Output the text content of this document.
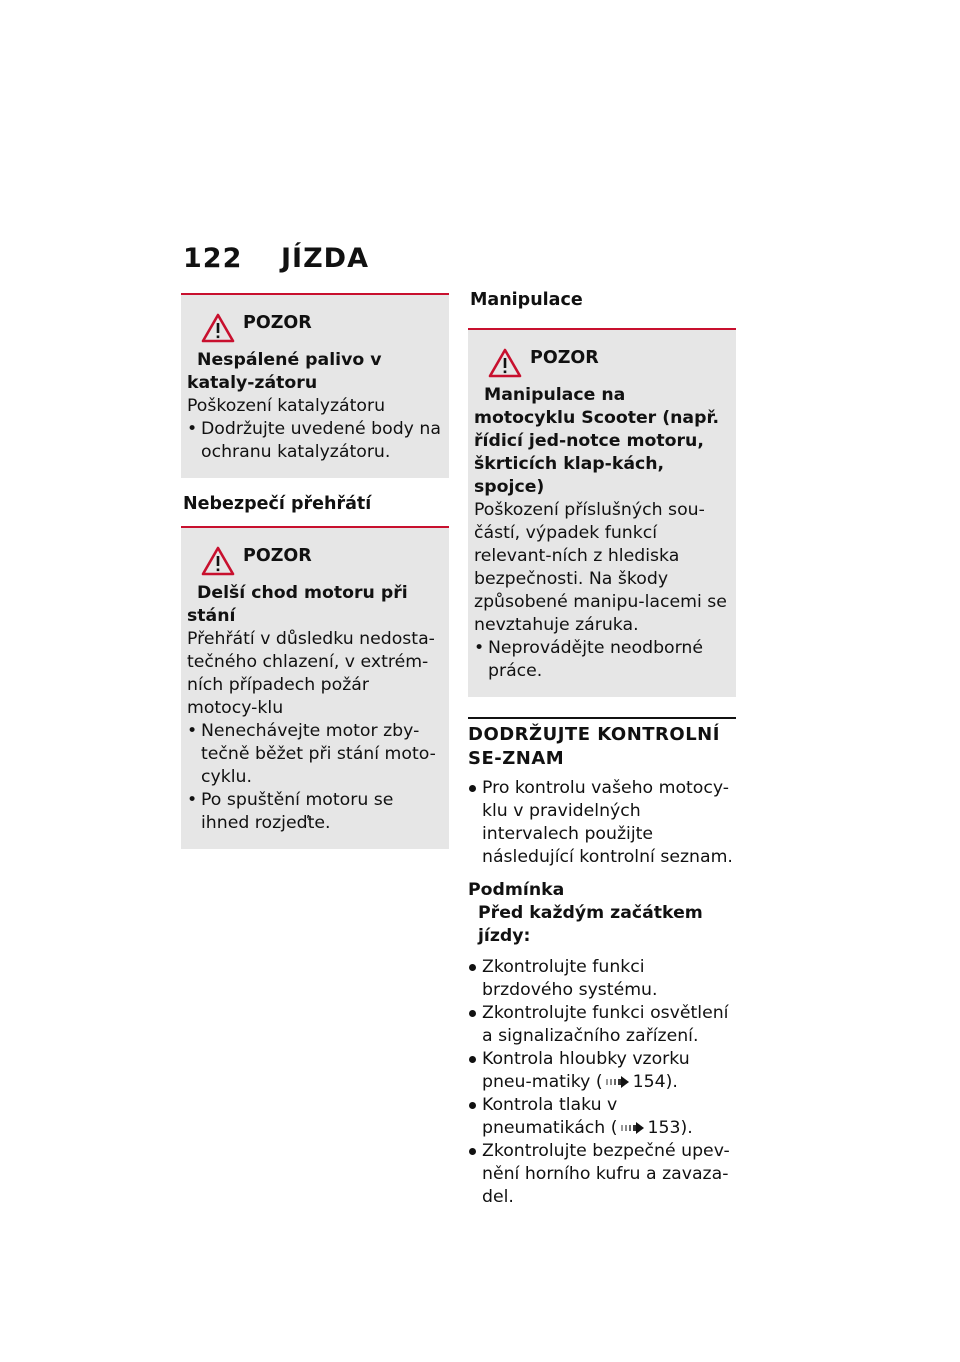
122 JÍZDA
POZOR
Nespálené palivo v kataly-zátoru
Poškození katalyzátoru
• Dodržujte uvedené body na ochranu katalyzátoru.
Nebezpečí přehřátí
POZOR
Delší chod motoru při stání
Přehřátí v důsledku nedosta-tečného chlazení, v extrém-ních případech požár motocy-klu
• Nenechávejte motor zby-tečně běžet při stání moto-cyklu.
• Po spuštění motoru se ihned rozjeďte.
Manipulace
POZOR
Manipulace na motocyklu Scooter (např. řídicí jed-notce motoru, škrticích klap-kách, spojce)
Poškození příslušných sou-částí, výpadek funkcí relevant-ních z hlediska bezpečnosti. Na škody způsobené manipu-lacemi se nevztahuje záruka.
• Neprovádějte neodborné práce.
DODRŽUJTE KONTROLNÍ SE-ZNAM
Pro kontrolu vašeho motocy-klu v pravidelných intervalech použijte následující kontrolní seznam.
Podmínka
Před každým začátkem jízdy:
Zkontrolujte funkci brzdového systému.
Zkontrolujte funkci osvětlení a signalizačního zařízení.
Kontrola hloubky vzorku pneu-matiky ( 154).
Kontrola tlaku v pneumatikách ( 153).
Zkontrolujte bezpečné upev-nění horního kufru a zavaza-del.
